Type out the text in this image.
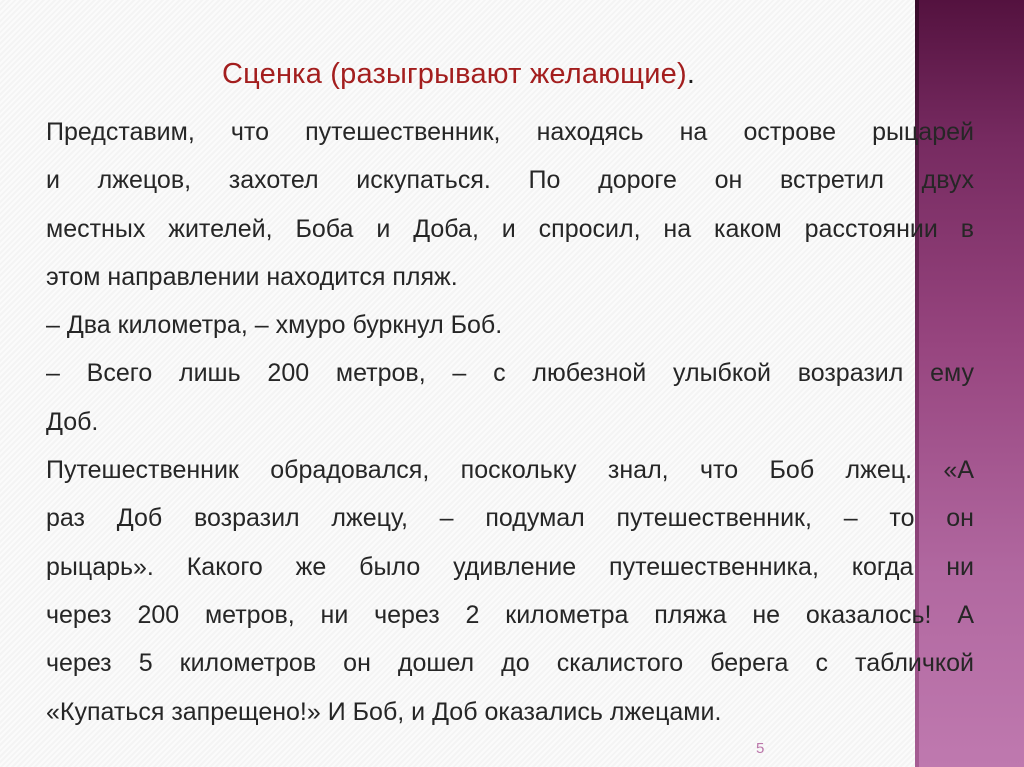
Сценка (разыгрывают желающие).
Представим, что путешественник, находясь на острове рыцарей
и лжецов, захотел искупаться. По дороге он встретил двух
местных жителей, Боба и Доба, и спросил, на каком расстоянии в
этом направлении находится пляж.
– Два километра, – хмуро буркнул Боб.
– Всего лишь 200 метров, – с любезной улыбкой возразил ему
Доб.
Путешественник обрадовался, поскольку знал, что Боб лжец. «А
раз Доб возразил лжецу, – подумал путешественник, – то он
рыцарь». Какого же было удивление путешественника, когда ни
через 200 метров, ни через 2 километра пляжа не оказалось! А
через 5 километров он дошел до скалистого берега с табличкой
«Купаться запрещено!» И Боб, и Доб оказались лжецами.
5
